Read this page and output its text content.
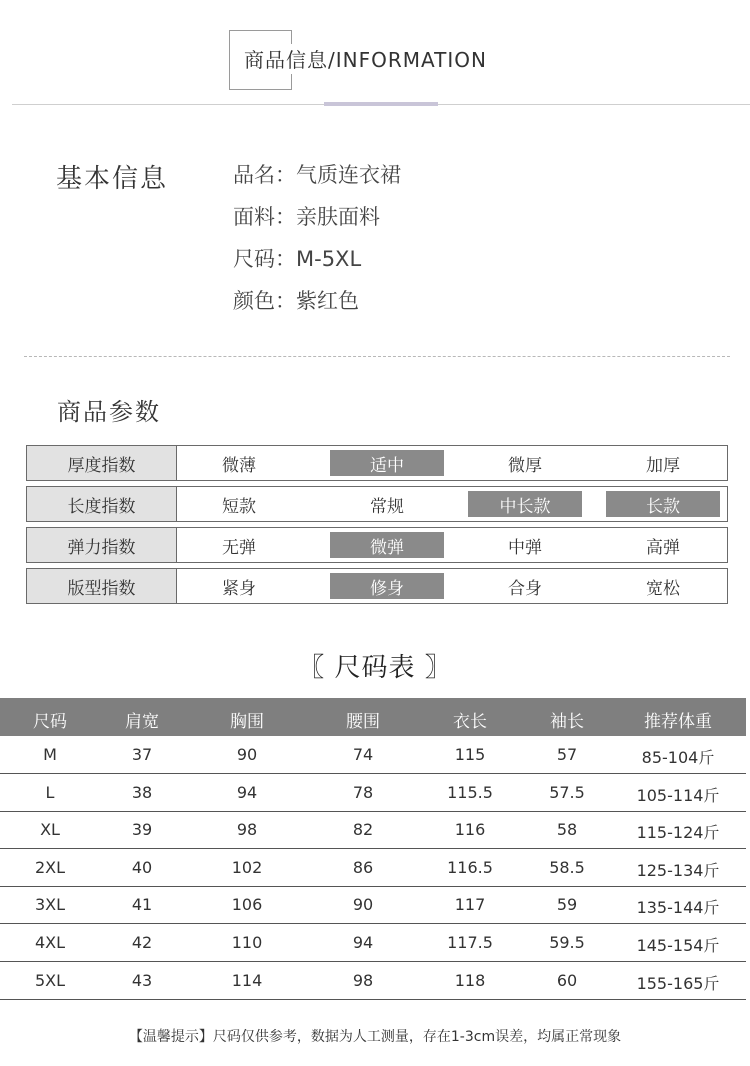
商品信息/INFORMATION
基本信息	品名：气质连衣裙
面料：亲肤面料
尺码：M-5XL
颜色：紫红色
商品参数
厚度指数	微薄	适中	微厚	加厚
长度指数	短款	常规	中长款	长款
弹力指数	无弹	微弹	中弹	高弹
版型指数	紧身	修身	合身	宽松
〖 尺码表 〗
尺码	肩宽	胸围	腰围	衣长	袖长	推荐体重
M	37	90	74	115	57	85-104斤
L	38	94	78	115.5	57.5	105-114斤
XL	39	98	82	116	58	115-124斤
2XL	40	102	86	116.5	58.5	125-134斤
3XL	41	106	90	117	59	135-144斤
4XL	42	110	94	117.5	59.5	145-154斤
5XL	43	114	98	118	60	155-165斤
【温馨提示】尺码仅供参考，数据为人工测量，存在1-3cm误差，均属正常现象
